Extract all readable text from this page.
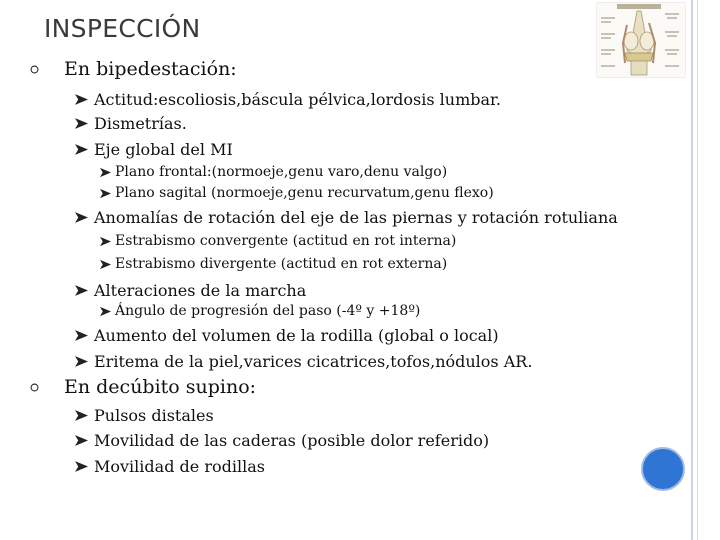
INSPECCIÓN
En bipedestación:
Actitud:escoliosis,báscula pélvica,lordosis lumbar.
Dismetrías.
Eje global del MI
Plano frontal:(normoeje,genu varo,denu valgo)
Plano sagital (normoeje,genu recurvatum,genu flexo)
Anomalías de rotación del eje de las piernas y rotación rotuliana
Estrabismo convergente (actitud en rot interna)
Estrabismo divergente (actitud en rot externa)
Alteraciones de la marcha
Ángulo de progresión del paso (-4º y +18º)
Aumento del volumen de la rodilla (global o local)
Eritema de la piel,varices cicatrices,tofos,nódulos AR.
En decúbito supino:
Pulsos distales
Movilidad de las caderas (posible dolor referido)
Movilidad de rodillas
